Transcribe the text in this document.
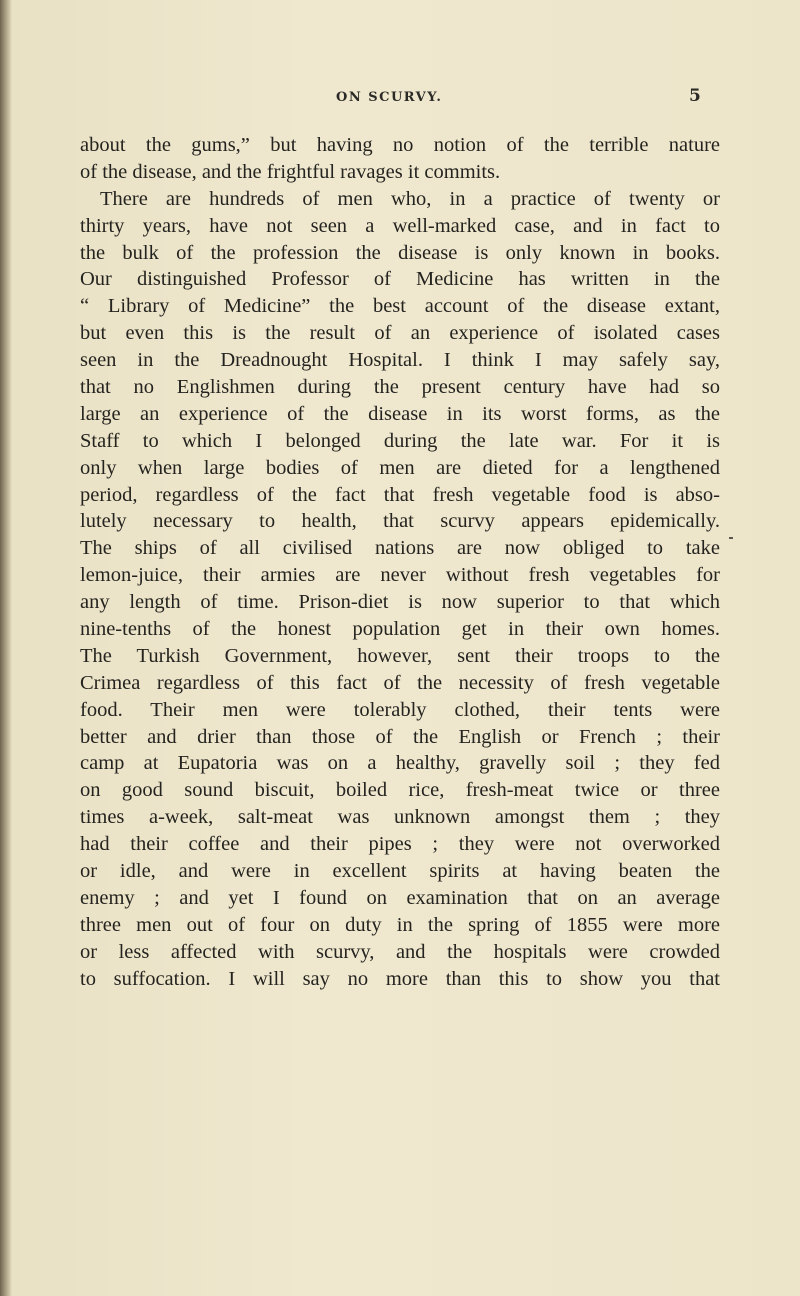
ON SCURVY.	5
about the gums,” but having no notion of the terrible nature
of the disease, and the frightful ravages it commits.
There are hundreds of men who, in a practice of twenty or
thirty years, have not seen a well-marked case, and in fact to
the bulk of the profession the disease is only known in books.
Our distinguished Professor of Medicine has written in the
“ Library of Medicine” the best account of the disease extant,
but even this is the result of an experience of isolated cases
seen in the Dreadnought Hospital. I think I may safely say,
that no Englishmen during the present century have had so
large an experience of the disease in its worst forms, as the
Staff to which I belonged during the late war. For it is
only when large bodies of men are dieted for a lengthened
period, regardless of the fact that fresh vegetable food is abso-
lutely necessary to health, that scurvy appears epidemically.
The ships of all civilised nations are now obliged to take
lemon-juice, their armies are never without fresh vegetables for
any length of time. Prison-diet is now superior to that which
nine-tenths of the honest population get in their own homes.
The Turkish Government, however, sent their troops to the
Crimea regardless of this fact of the necessity of fresh vegetable
food. Their men were tolerably clothed, their tents were
better and drier than those of the English or French ; their
camp at Eupatoria was on a healthy, gravelly soil ; they fed
on good sound biscuit, boiled rice, fresh-meat twice or three
times a-week, salt-meat was unknown amongst them ; they
had their coffee and their pipes ; they were not overworked
or idle, and were in excellent spirits at having beaten the
enemy ; and yet I found on examination that on an average
three men out of four on duty in the spring of 1855 were more
or less affected with scurvy, and the hospitals were crowded
to suffocation. I will say no more than this to show you that
